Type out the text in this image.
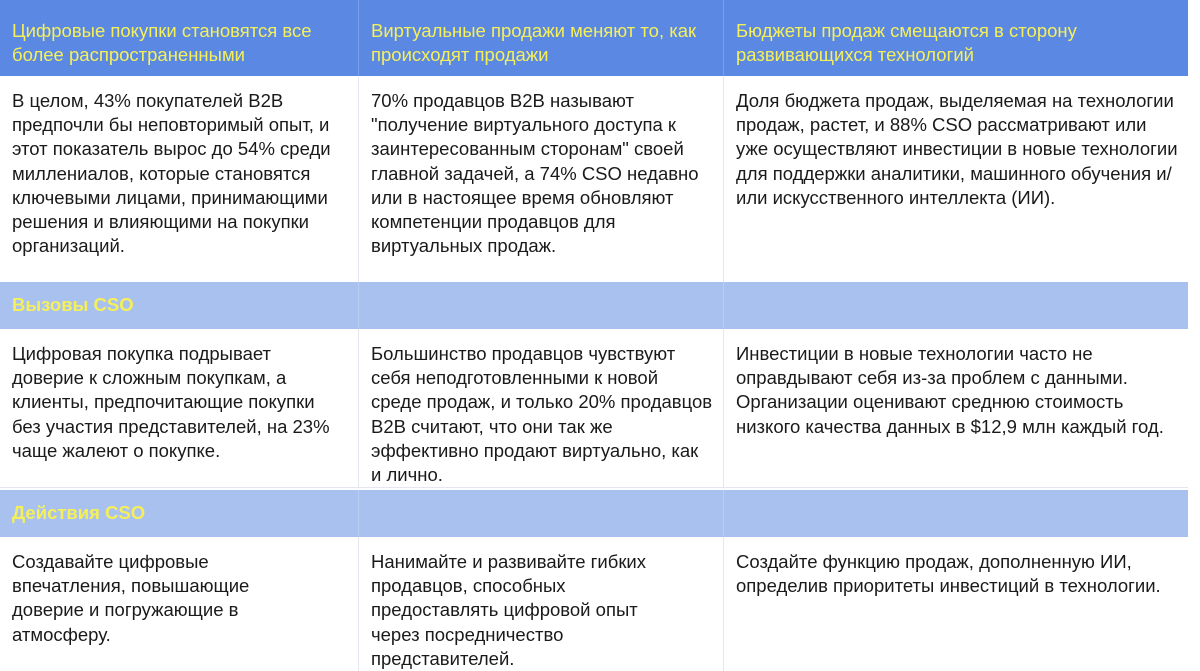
Цифровые покупки становятся все более распространенными
Виртуальные продажи меняют то, как происходят продажи
Бюджеты продаж смещаются в сторону развивающихся технологий
В целом, 43% покупателей B2B предпочли бы неповторимый опыт, и этот показатель вырос до 54% среди миллениалов, которые становятся ключевыми лицами, принимающими решения и влияющими на покупки организаций.
70% продавцов B2B называют "получение виртуального доступа к заинтересованным сторонам" своей главной задачей, а 74% CSO недавно или в настоящее время обновляют компетенции продавцов для виртуальных продаж.
Доля бюджета продаж, выделяемая на технологии продаж, растет, и 88% CSO рассматривают или уже осуществляют инвестиции в новые технологии для поддержки аналитики, машинного обучения и/или искусственного интеллекта (ИИ).
Вызовы CSO
Цифровая покупка подрывает доверие к сложным покупкам, а клиенты, предпочитающие покупки без участия представителей, на 23% чаще жалеют о покупке.
Большинство продавцов чувствуют себя неподготовленными к новой среде продаж, и только 20% продавцов B2B считают, что они так же эффективно продают виртуально, как и лично.
Инвестиции в новые технологии часто не оправдывают себя из-за проблем с данными. Организации оценивают среднюю стоимость низкого качества данных в $12,9 млн каждый год.
Действия CSO
Создавайте цифровые впечатления, повышающие доверие и погружающие в атмосферу.
Нанимайте и развивайте гибких продавцов, способных предоставлять цифровой опыт через посредничество представителей.
Создайте функцию продаж, дополненную ИИ, определив приоритеты инвестиций в технологии.
